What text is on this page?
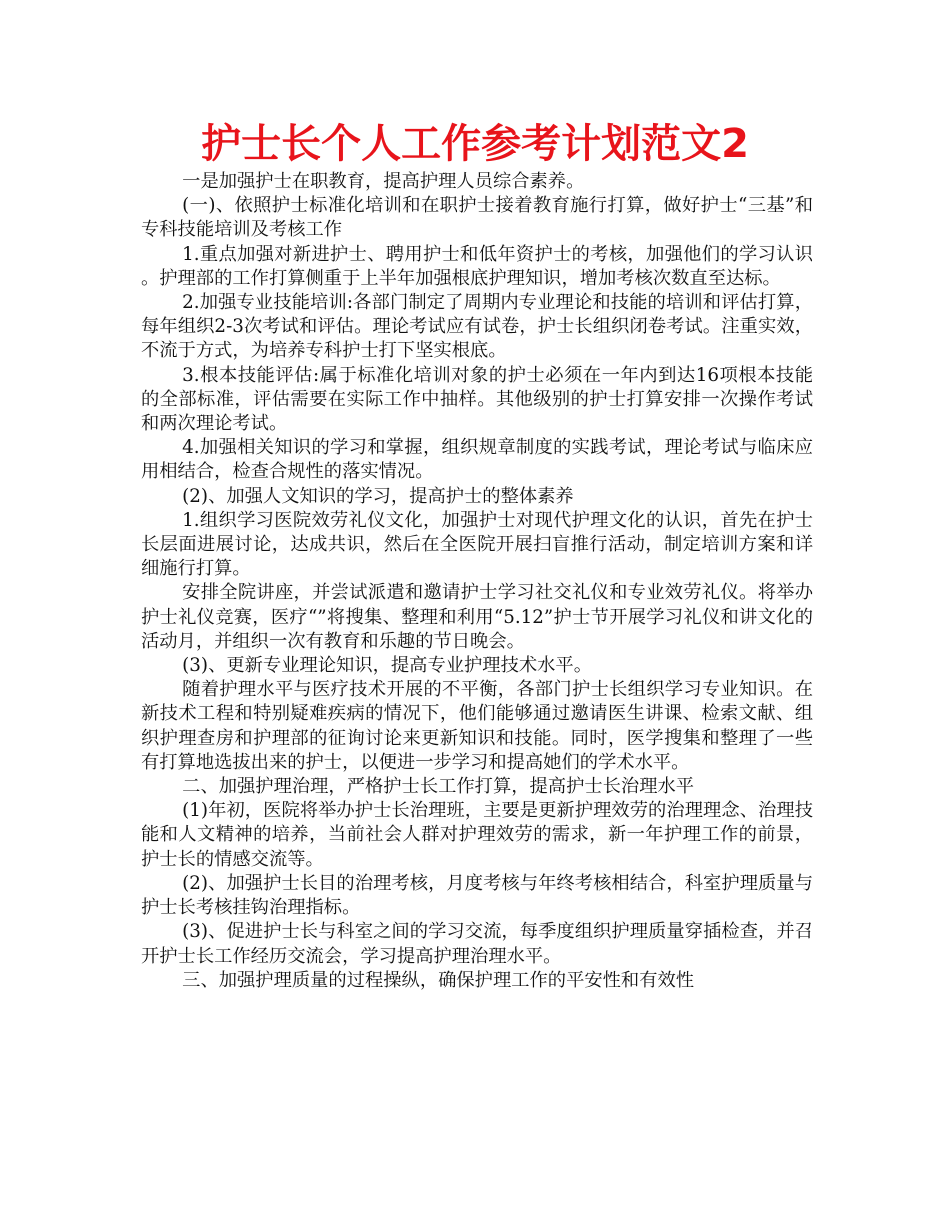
护士长个人工作参考计划范文2

一是加强护士在职教育，提高护理人员综合素养。

(一)、依照护士标准化培训和在职护士接着教育施行打算，做好护士“三基”和专科技能培训及考核工作

1.重点加强对新进护士、聘用护士和低年资护士的考核，加强他们的学习认识。护理部的工作打算侧重于上半年加强根底护理知识，增加考核次数直至达标。

2.加强专业技能培训:各部门制定了周期内专业理论和技能的培训和评估打算，每年组织2-3次考试和评估。理论考试应有试卷，护士长组织闭卷考试。注重实效，不流于方式，为培养专科护士打下坚实根底。

3.根本技能评估:属于标准化培训对象的护士必须在一年内到达16项根本技能的全部标准，评估需要在实际工作中抽样。其他级别的护士打算安排一次操作考试和两次理论考试。

4.加强相关知识的学习和掌握，组织规章制度的实践考试，理论考试与临床应用相结合，检查合规性的落实情况。

(2)、加强人文知识的学习，提高护士的整体素养

1.组织学习医院效劳礼仪文化，加强护士对现代护理文化的认识，首先在护士长层面进展讨论，达成共识，然后在全医院开展扫盲推行活动，制定培训方案和详细施行打算。

安排全院讲座，并尝试派遣和邀请护士学习社交礼仪和专业效劳礼仪。将举办护士礼仪竞赛，医疗“”将搜集、整理和利用“5.12”护士节开展学习礼仪和讲文化的活动月，并组织一次有教育和乐趣的节日晚会。

(3)、更新专业理论知识，提高专业护理技术水平。

随着护理水平与医疗技术开展的不平衡，各部门护士长组织学习专业知识。在新技术工程和特别疑难疾病的情况下，他们能够通过邀请医生讲课、检索文献、组织护理查房和护理部的征询讨论来更新知识和技能。同时，医学搜集和整理了一些有打算地选拔出来的护士，以便进一步学习和提高她们的学术水平。

二、加强护理治理，严格护士长工作打算，提高护士长治理水平

(1)年初，医院将举办护士长治理班，主要是更新护理效劳的治理理念、治理技能和人文精神的培养，当前社会人群对护理效劳的需求，新一年护理工作的前景，护士长的情感交流等。

(2)、加强护士长目的治理考核，月度考核与年终考核相结合，科室护理质量与护士长考核挂钩治理指标。

(3)、促进护士长与科室之间的学习交流，每季度组织护理质量穿插检查，并召开护士长工作经历交流会，学习提高护理治理水平。

三、加强护理质量的过程操纵，确保护理工作的平安性和有效性
